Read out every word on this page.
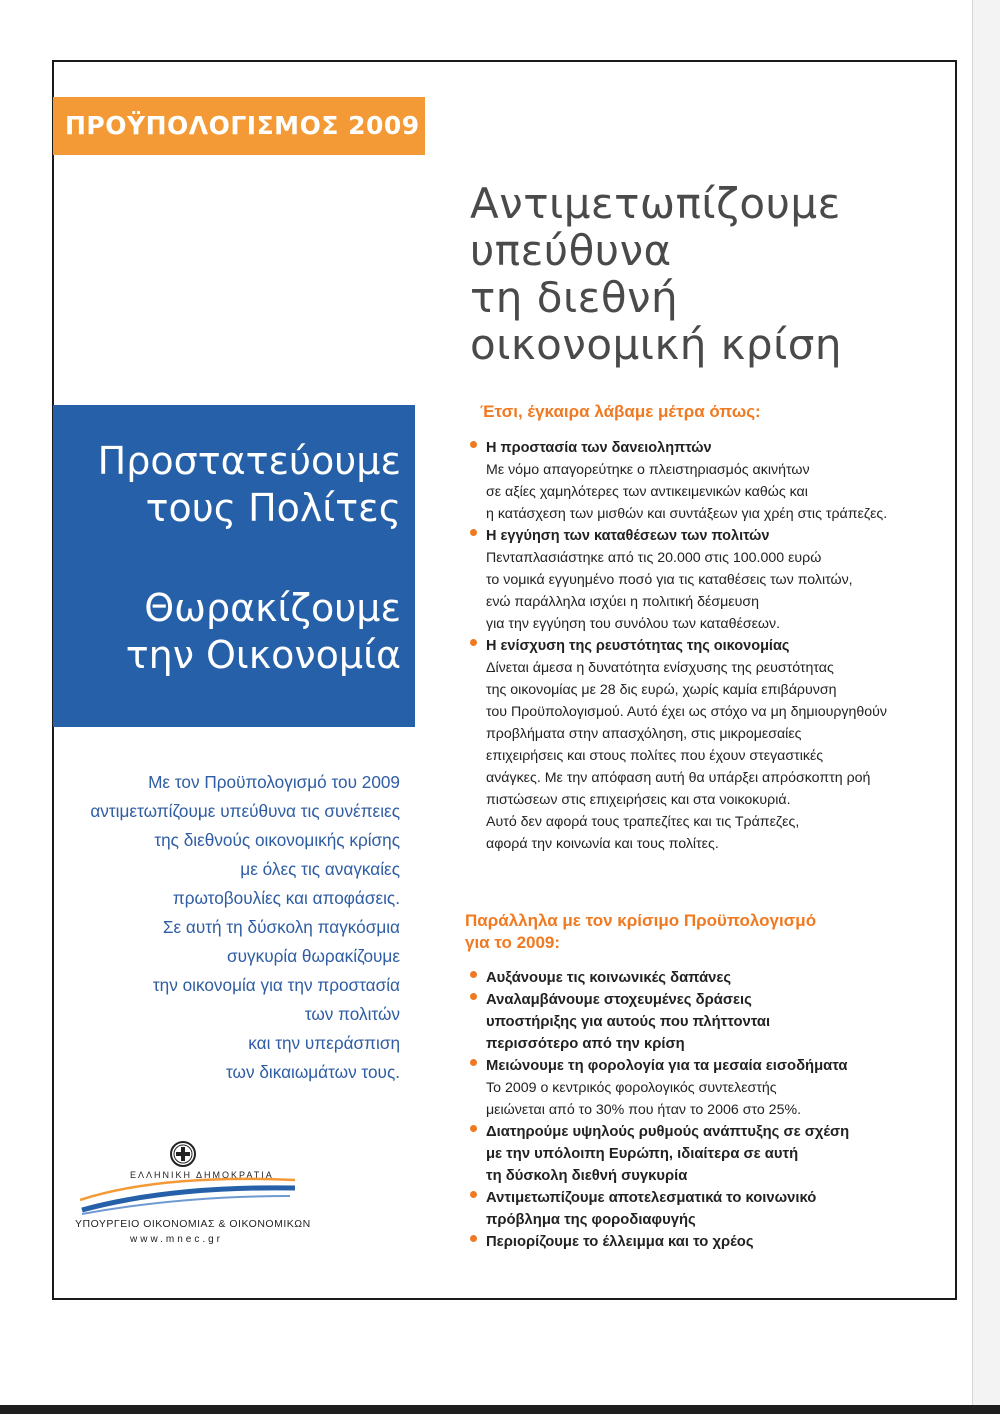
ΠΡΟΫΠΟΛΟΓΙΣΜΟΣ 2009
Αντιμετωπίζουμε
υπεύθυνα
τη διεθνή
οικονομική κρίση
Προστατεύουμε
τους Πολίτες
Θωρακίζουμε
την Οικονομία
Με τον Προϋπολογισμό του 2009
αντιμετωπίζουμε υπεύθυνα τις συνέπειες
της διεθνούς οικονομικής κρίσης
με όλες τις αναγκαίες
πρωτοβουλίες και αποφάσεις.
Σε αυτή τη δύσκολη παγκόσμια
συγκυρία θωρακίζουμε
την οικονομία για την προστασία
των πολιτών
και την υπεράσπιση
των δικαιωμάτων τους.
Έτσι, έγκαιρα λάβαμε μέτρα όπως:
Η προστασία των δανειοληπτών
Με νόμο απαγορεύτηκε ο πλειστηριασμός ακινήτων
σε αξίες χαμηλότερες των αντικειμενικών καθώς και
η κατάσχεση των μισθών και συντάξεων για χρέη στις τράπεζες.
Η εγγύηση των καταθέσεων των πολιτών
Πενταπλασιάστηκε από τις 20.000 στις 100.000 ευρώ
το νομικά εγγυημένο ποσό για τις καταθέσεις των πολιτών,
ενώ παράλληλα ισχύει η πολιτική δέσμευση
για την εγγύηση του συνόλου των καταθέσεων.
Η ενίσχυση της ρευστότητας της οικονομίας
Δίνεται άμεσα η δυνατότητα ενίσχυσης της ρευστότητας
της οικονομίας με 28 δις ευρώ, χωρίς καμία επιβάρυνση
του Προϋπολογισμού. Αυτό έχει ως στόχο να μη δημιουργηθούν
προβλήματα στην απασχόληση, στις μικρομεσαίες
επιχειρήσεις και στους πολίτες που έχουν στεγαστικές
ανάγκες. Με την απόφαση αυτή θα υπάρξει απρόσκοπτη ροή
πιστώσεων στις επιχειρήσεις και στα νοικοκυριά.
Αυτό δεν αφορά τους τραπεζίτες και τις Τράπεζες,
αφορά την κοινωνία και τους πολίτες.
Παράλληλα με τον κρίσιμο Προϋπολογισμό
για το 2009:
Αυξάνουμε τις κοινωνικές δαπάνες
Αναλαμβάνουμε στοχευμένες δράσεις
υποστήριξης για αυτούς που πλήττονται
περισσότερο από την κρίση
Μειώνουμε τη φορολογία για τα μεσαία εισοδήματα
Το 2009 ο κεντρικός φορολογικός συντελεστής
μειώνεται από το 30% που ήταν το 2006 στο 25%.
Διατηρούμε υψηλούς ρυθμούς ανάπτυξης σε σχέση
με την υπόλοιπη Ευρώπη, ιδιαίτερα σε αυτή
τη δύσκολη διεθνή συγκυρία
Αντιμετωπίζουμε αποτελεσματικά το κοινωνικό
πρόβλημα της φοροδιαφυγής
Περιορίζουμε το έλλειμμα και το χρέος
ΕΛΛΗΝΙΚΗ ΔΗΜΟΚΡΑΤΙΑ
ΥΠΟΥΡΓΕΙΟ ΟΙΚΟΝΟΜΙΑΣ & ΟΙΚΟΝΟΜΙΚΩΝ
www.mnec.gr
